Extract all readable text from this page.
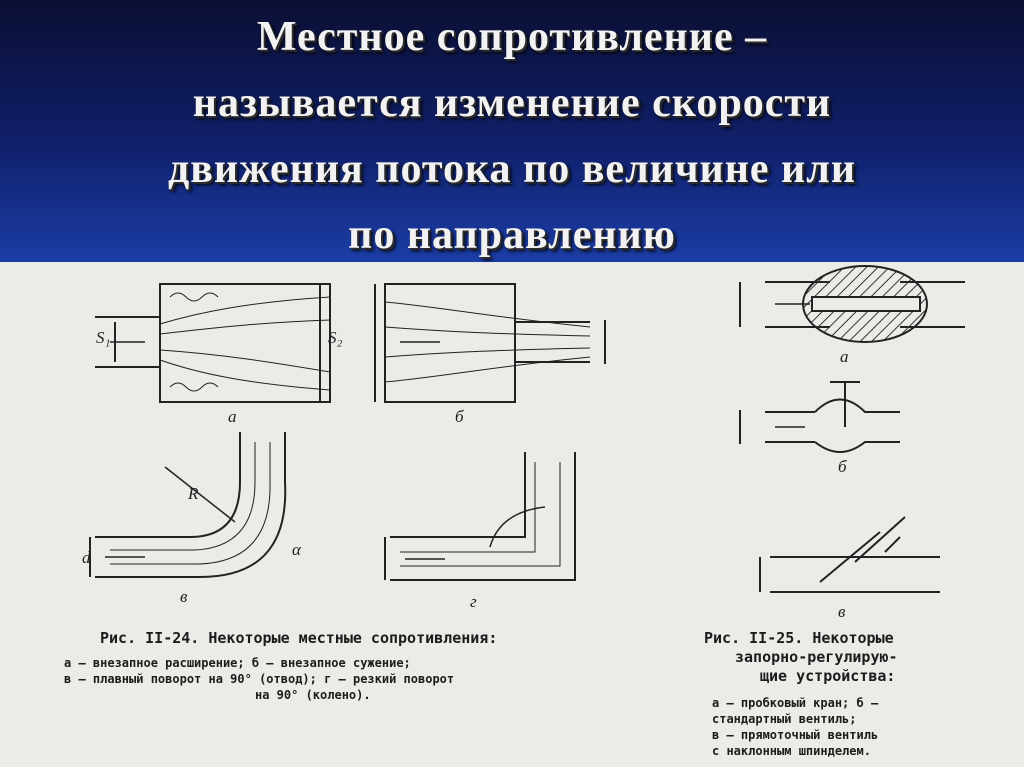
Местное сопротивление –
называется изменение скорости
движения потока по величине или
по направлению
а	б
в	г
S₁	S₂
R
d	α
а
б
в
Рис. II-24. Некоторые местные сопротивления:
а — внезапное расширение; б — внезапное сужение;
в — плавный поворот на 90° (отвод); г — резкий поворот
на 90° (колено).
Рис. II-25. Некоторые
запорно-регулирую-
щие устройства:
а — пробковый кран; б —
стандартный вентиль;
в — прямоточный вентиль
с наклонным шпинделем.
